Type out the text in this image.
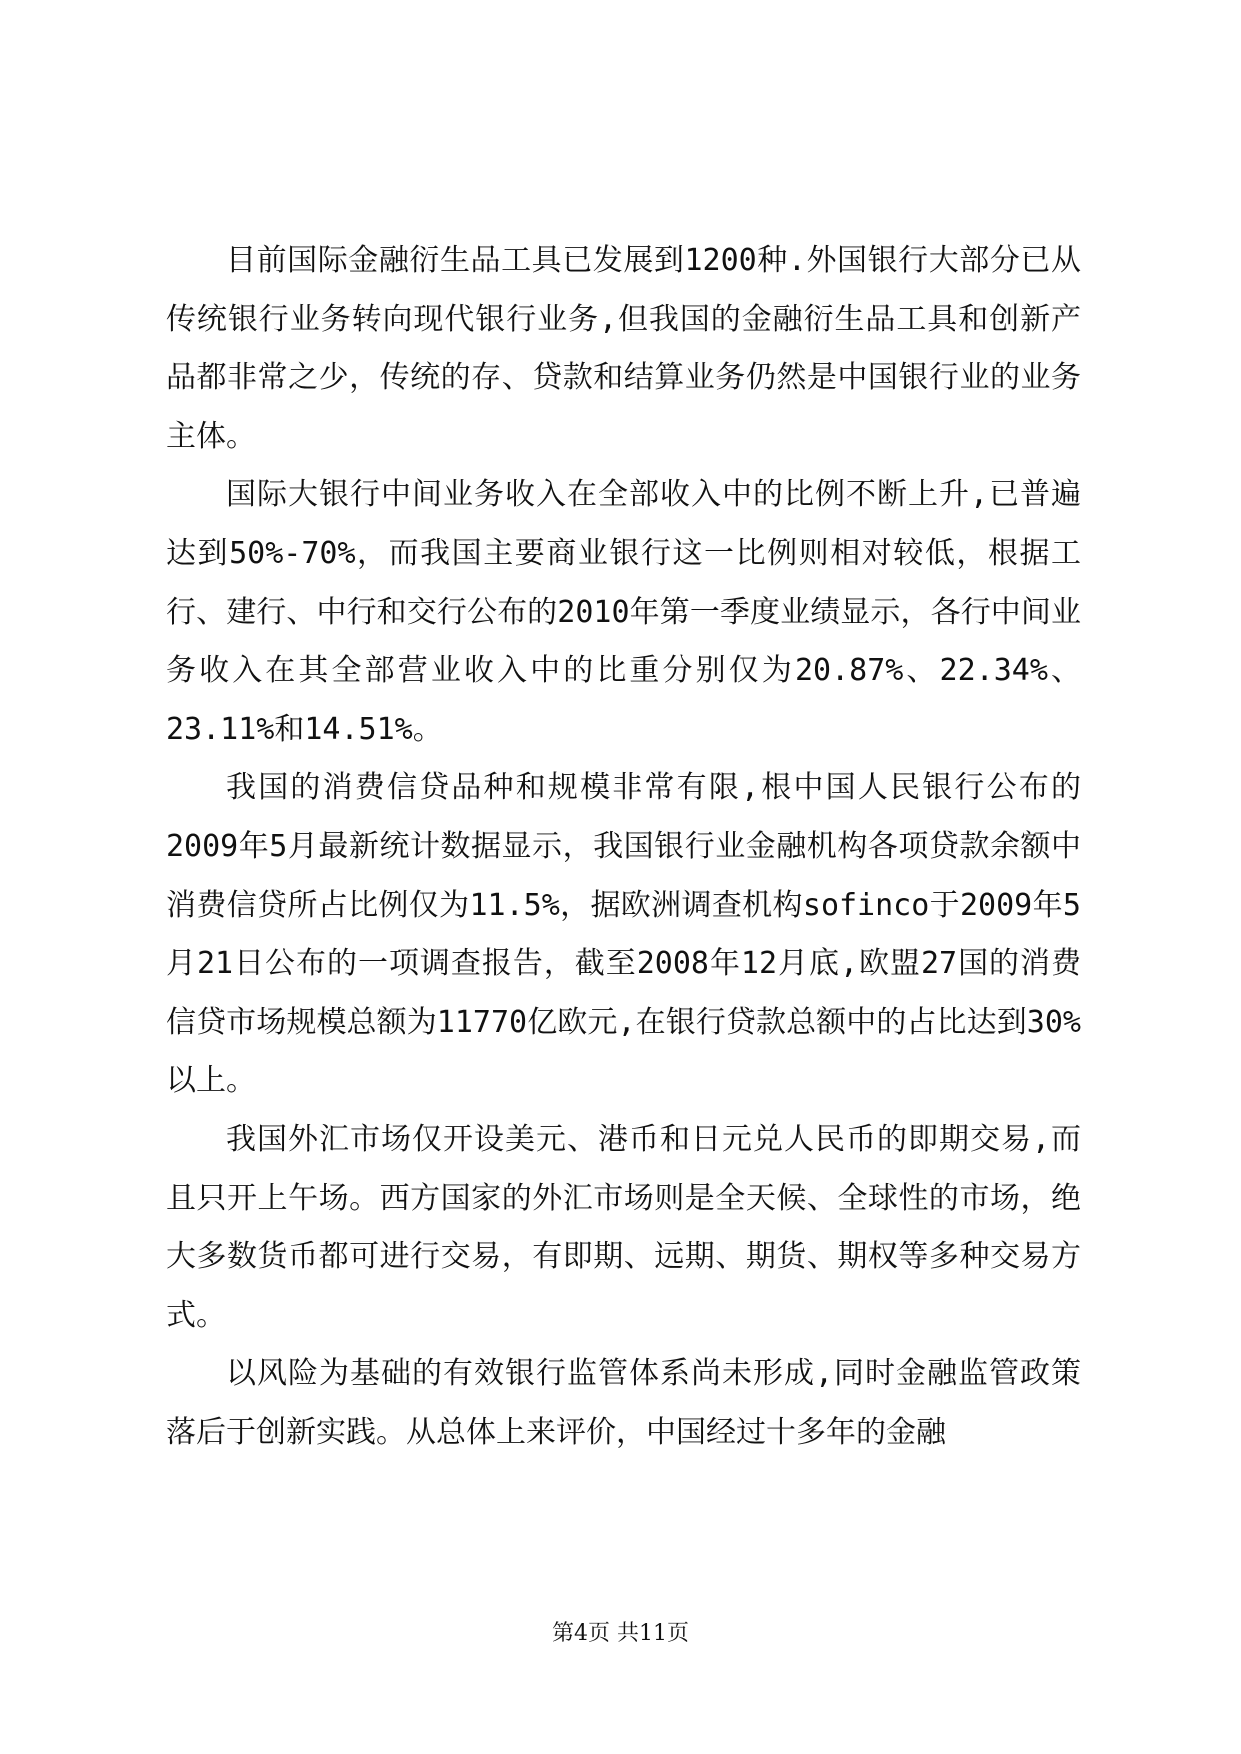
目前国际金融衍生品工具已发展到1200种.外国银行大部分已从传统银行业务转向现代银行业务,但我国的金融衍生品工具和创新产品都非常之少，传统的存、贷款和结算业务仍然是中国银行业的业务主体。

国际大银行中间业务收入在全部收入中的比例不断上升,已普遍达到50%-70%，而我国主要商业银行这一比例则相对较低，根据工行、建行、中行和交行公布的2010年第一季度业绩显示，各行中间业务收入在其全部营业收入中的比重分别仅为20.87%、22.34%、23.11%和14.51%。

我国的消费信贷品种和规模非常有限,根中国人民银行公布的2009年5月最新统计数据显示，我国银行业金融机构各项贷款余额中消费信贷所占比例仅为11.5%，据欧洲调查机构sofinco于2009年5月21日公布的一项调查报告，截至2008年12月底,欧盟27国的消费信贷市场规模总额为11770亿欧元,在银行贷款总额中的占比达到30%以上。

我国外汇市场仅开设美元、港币和日元兑人民币的即期交易,而且只开上午场。西方国家的外汇市场则是全天候、全球性的市场，绝大多数货币都可进行交易，有即期、远期、期货、期权等多种交易方式。

以风险为基础的有效银行监管体系尚未形成,同时金融监管政策落后于创新实践。从总体上来评价，中国经过十多年的金融

第4页 共11页
